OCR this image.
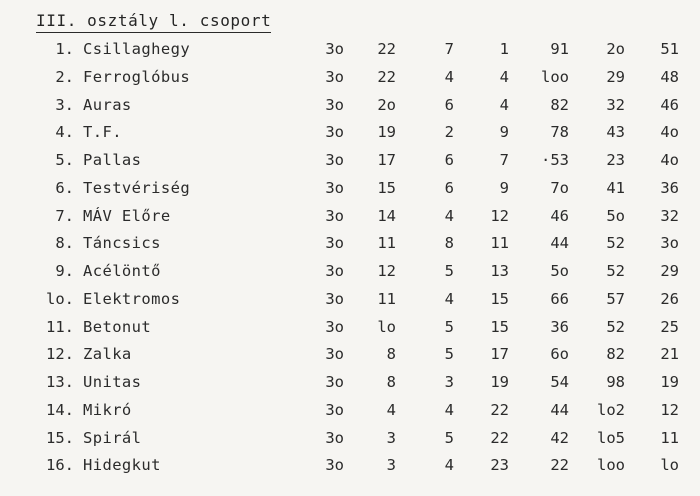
III. osztály l. csoport
1. Csillaghegy	3o	22	7	1	91	2o	51
2. Ferroglóbus	3o	22	4	4	loo	29	48
3. Auras	3o	2o	6	4	82	32	46
4. T.F.	3o	19	2	9	78	43	4o
5. Pallas	3o	17	6	7	·53	23	4o
6. Testvériség	3o	15	6	9	7o	41	36
7. MÁV Előre	3o	14	4	12	46	5o	32
8. Táncsics	3o	11	8	11	44	52	3o
9. Acélöntő	3o	12	5	13	5o	52	29
lo. Elektromos	3o	11	4	15	66	57	26
11. Betonut	3o	lo	5	15	36	52	25
12. Zalka	3o	8	5	17	6o	82	21
13. Unitas	3o	8	3	19	54	98	19
14. Mikró	3o	4	4	22	44	lo2	12
15. Spirál	3o	3	5	22	42	lo5	11
16. Hidegkut	3o	3	4	23	22	loo	lo
